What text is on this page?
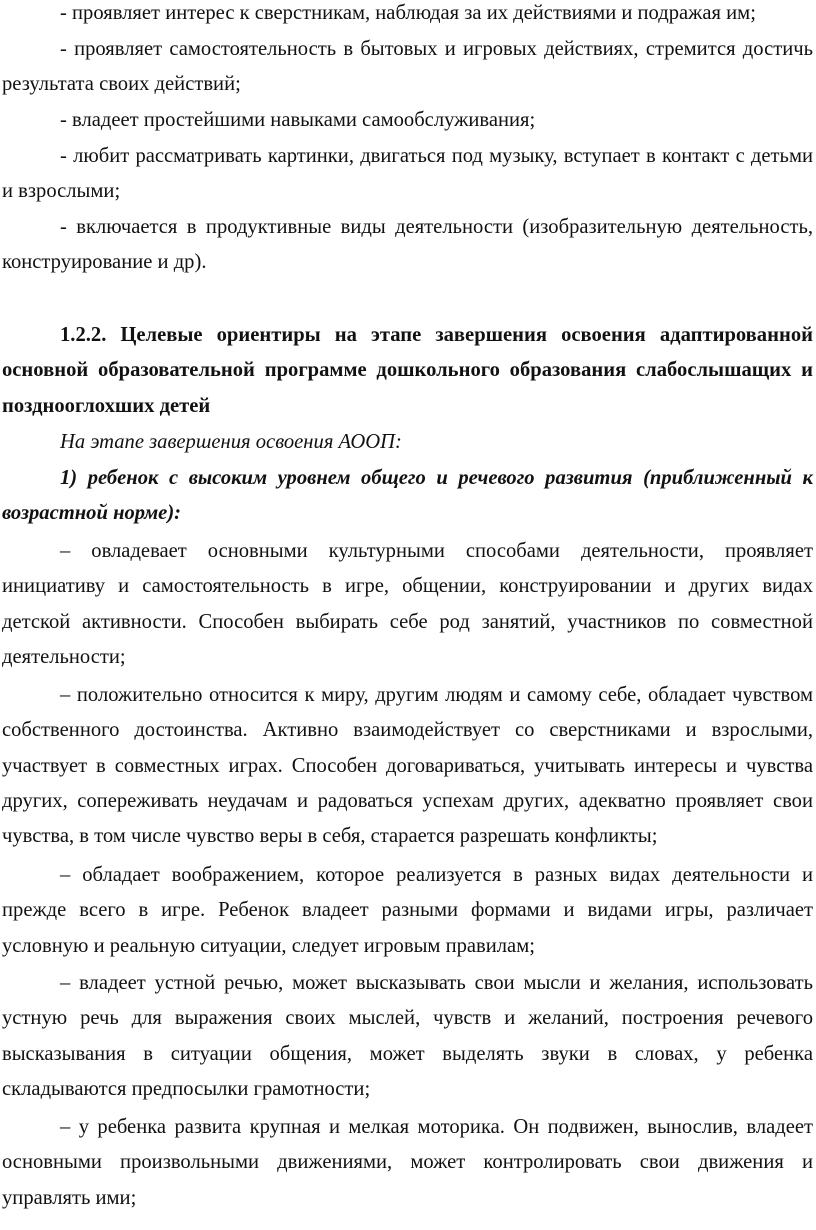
- проявляет интерес к сверстникам, наблюдая за их действиями и подражая им;

- проявляет самостоятельность в бытовых и игровых действиях, стремится достичь результата своих действий;

- владеет простейшими навыками самообслуживания;

- любит рассматривать картинки, двигаться под музыку, вступает в контакт с детьми и взрослыми;

- включается в продуктивные виды деятельности (изобразительную деятельность, конструирование и др).

1.2.2. Целевые ориентиры на этапе завершения освоения адаптированной основной образовательной программе дошкольного образования слабослышащих и позднооглохших детей

На этапе завершения освоения АООП:

1) ребенок с высоким уровнем общего и речевого развития (приближенный к возрастной норме):

– овладевает основными культурными способами деятельности, проявляет инициативу и самостоятельность в игре, общении, конструировании и других видах детской активности. Способен выбирать себе род занятий, участников по совместной деятельности;

– положительно относится к миру, другим людям и самому себе, обладает чувством собственного достоинства. Активно взаимодействует со сверстниками и взрослыми, участвует в совместных играх. Способен договариваться, учитывать интересы и чувства других, сопереживать неудачам и радоваться успехам других, адекватно проявляет свои чувства, в том числе чувство веры в себя, старается разрешать конфликты;

– обладает воображением, которое реализуется в разных видах деятельности и прежде всего в игре. Ребенок владеет разными формами и видами игры, различает условную и реальную ситуации, следует игровым правилам;

– владеет устной речью, может высказывать свои мысли и желания, использовать устную речь для выражения своих мыслей, чувств и желаний, построения речевого высказывания в ситуации общения, может выделять звуки в словах, у ребенка складываются предпосылки грамотности;

– у ребенка развита крупная и мелкая моторика. Он подвижен, вынослив, владеет основными произвольными движениями, может контролировать свои движения и управлять ими;
